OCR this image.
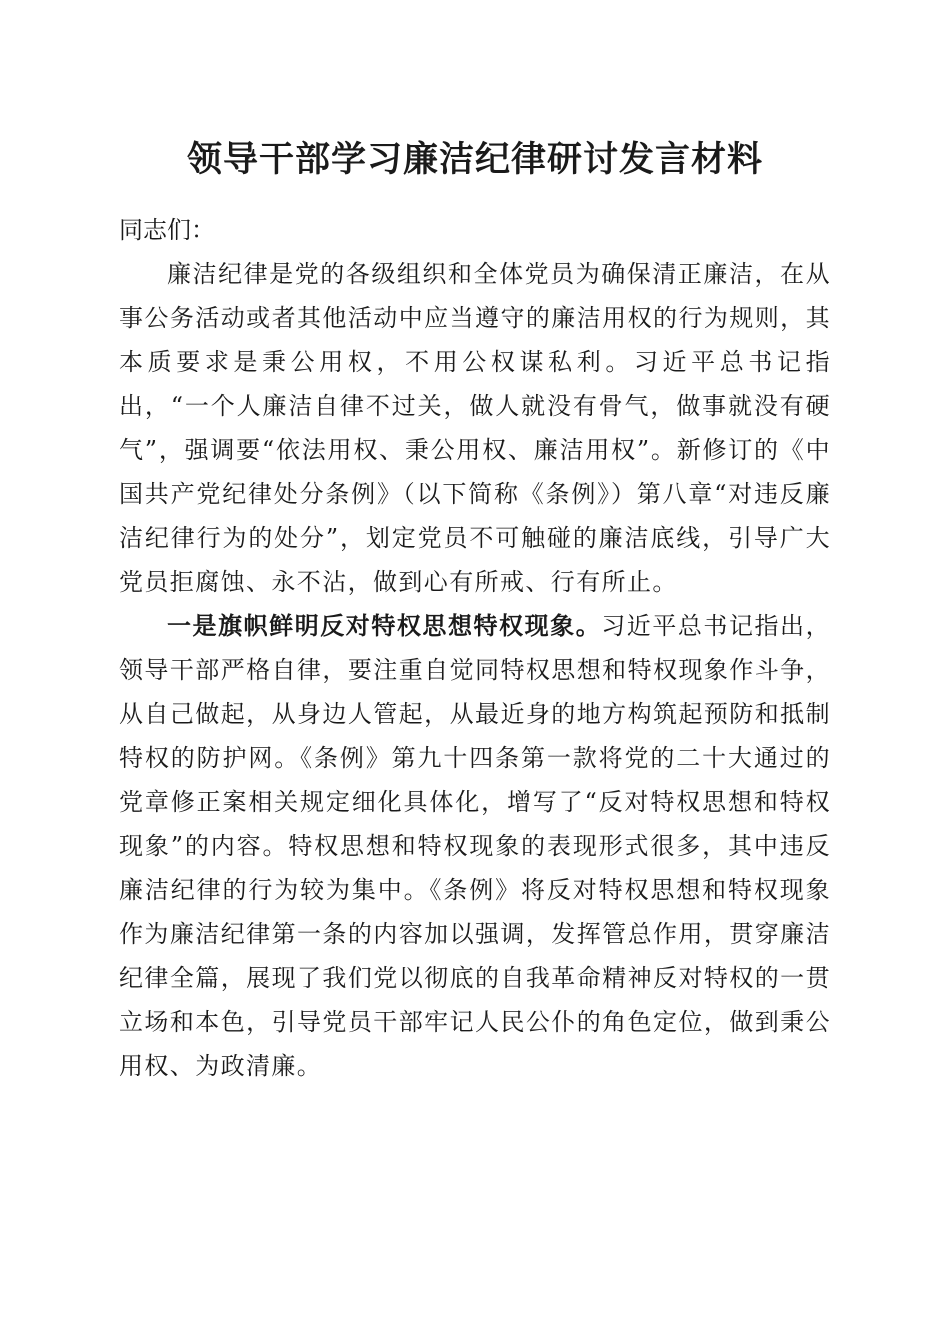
领导干部学习廉洁纪律研讨发言材料

同志们：

廉洁纪律是党的各级组织和全体党员为确保清正廉洁，在从事公务活动或者其他活动中应当遵守的廉洁用权的行为规则，其本质要求是秉公用权，不用公权谋私利。习近平总书记指出，“一个人廉洁自律不过关，做人就没有骨气，做事就没有硬气”，强调要“依法用权、秉公用权、廉洁用权”。新修订的《中国共产党纪律处分条例》（以下简称《条例》）第八章“对违反廉洁纪律行为的处分”，划定党员不可触碰的廉洁底线，引导广大党员拒腐蚀、永不沾，做到心有所戒、行有所止。

一是旗帜鲜明反对特权思想特权现象。习近平总书记指出，领导干部严格自律，要注重自觉同特权思想和特权现象作斗争，从自己做起，从身边人管起，从最近身的地方构筑起预防和抵制特权的防护网。《条例》第九十四条第一款将党的二十大通过的党章修正案相关规定细化具体化，增写了“反对特权思想和特权现象”的内容。特权思想和特权现象的表现形式很多，其中违反廉洁纪律的行为较为集中。《条例》将反对特权思想和特权现象作为廉洁纪律第一条的内容加以强调，发挥管总作用，贯穿廉洁纪律全篇，展现了我们党以彻底的自我革命精神反对特权的一贯立场和本色，引导党员干部牢记人民公仆的角色定位，做到秉公用权、为政清廉。
